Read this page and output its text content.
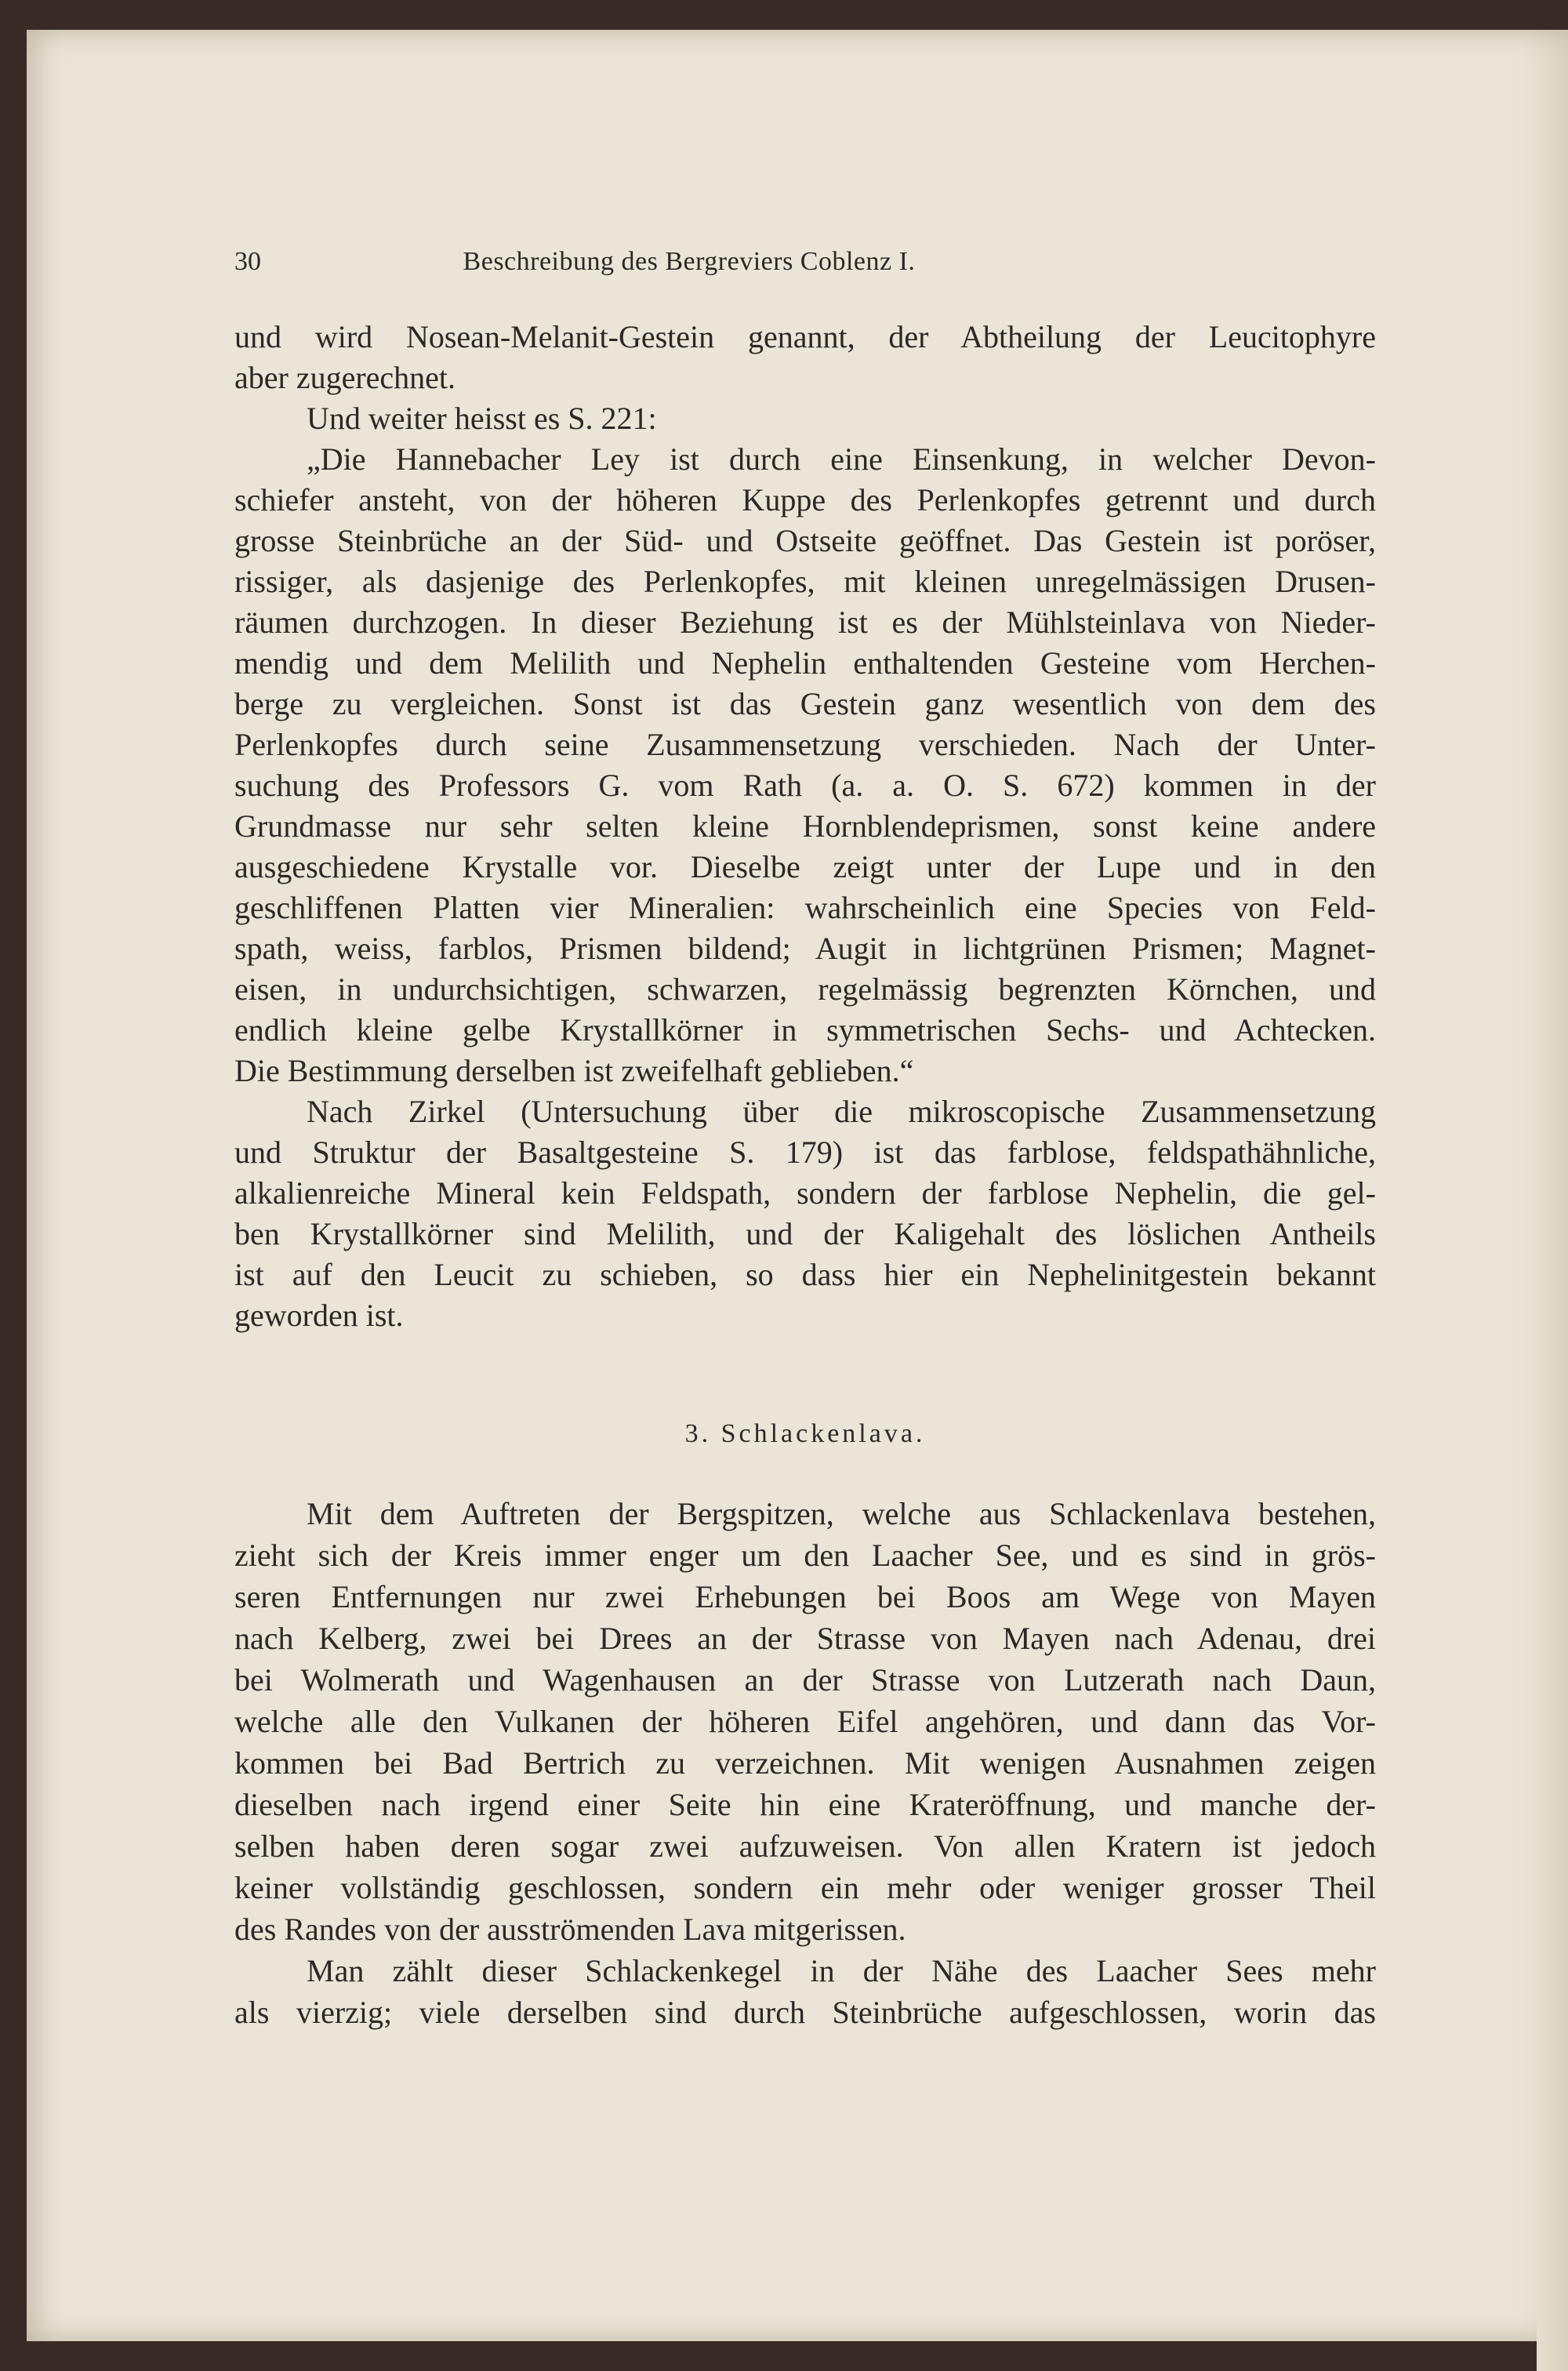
30	Beschreibung des Bergreviers Coblenz I.
und wird Nosean-Melanit-Gestein genannt, der Abtheilung der Leucitophyre
aber zugerechnet.
Und weiter heisst es S. 221:
„Die Hannebacher Ley ist durch eine Einsenkung, in welcher Devon-
schiefer ansteht, von der höheren Kuppe des Perlenkopfes getrennt und durch
grosse Steinbrüche an der Süd- und Ostseite geöffnet. Das Gestein ist poröser,
rissiger, als dasjenige des Perlenkopfes, mit kleinen unregelmässigen Drusen-
räumen durchzogen. In dieser Beziehung ist es der Mühlsteinlava von Nieder-
mendig und dem Melilith und Nephelin enthaltenden Gesteine vom Herchen-
berge zu vergleichen. Sonst ist das Gestein ganz wesentlich von dem des
Perlenkopfes durch seine Zusammensetzung verschieden. Nach der Unter-
suchung des Professors G. vom Rath (a. a. O. S. 672) kommen in der
Grundmasse nur sehr selten kleine Hornblendeprismen, sonst keine andere
ausgeschiedene Krystalle vor. Dieselbe zeigt unter der Lupe und in den
geschliffenen Platten vier Mineralien: wahrscheinlich eine Species von Feld-
spath, weiss, farblos, Prismen bildend; Augit in lichtgrünen Prismen; Magnet-
eisen, in undurchsichtigen, schwarzen, regelmässig begrenzten Körnchen, und
endlich kleine gelbe Krystallkörner in symmetrischen Sechs- und Achtecken.
Die Bestimmung derselben ist zweifelhaft geblieben.“
Nach Zirkel (Untersuchung über die mikroscopische Zusammensetzung
und Struktur der Basaltgesteine S. 179) ist das farblose, feldspathähnliche,
alkalienreiche Mineral kein Feldspath, sondern der farblose Nephelin, die gel-
ben Krystallkörner sind Melilith, und der Kaligehalt des löslichen Antheils
ist auf den Leucit zu schieben, so dass hier ein Nephelinitgestein bekannt
geworden ist.
3. Schlackenlava.
Mit dem Auftreten der Bergspitzen, welche aus Schlackenlava bestehen,
zieht sich der Kreis immer enger um den Laacher See, und es sind in grös-
seren Entfernungen nur zwei Erhebungen bei Boos am Wege von Mayen
nach Kelberg, zwei bei Drees an der Strasse von Mayen nach Adenau, drei
bei Wolmerath und Wagenhausen an der Strasse von Lutzerath nach Daun,
welche alle den Vulkanen der höheren Eifel angehören, und dann das Vor-
kommen bei Bad Bertrich zu verzeichnen. Mit wenigen Ausnahmen zeigen
dieselben nach irgend einer Seite hin eine Krateröffnung, und manche der-
selben haben deren sogar zwei aufzuweisen. Von allen Kratern ist jedoch
keiner vollständig geschlossen, sondern ein mehr oder weniger grosser Theil
des Randes von der ausströmenden Lava mitgerissen.
Man zählt dieser Schlackenkegel in der Nähe des Laacher Sees mehr
als vierzig; viele derselben sind durch Steinbrüche aufgeschlossen, worin das
